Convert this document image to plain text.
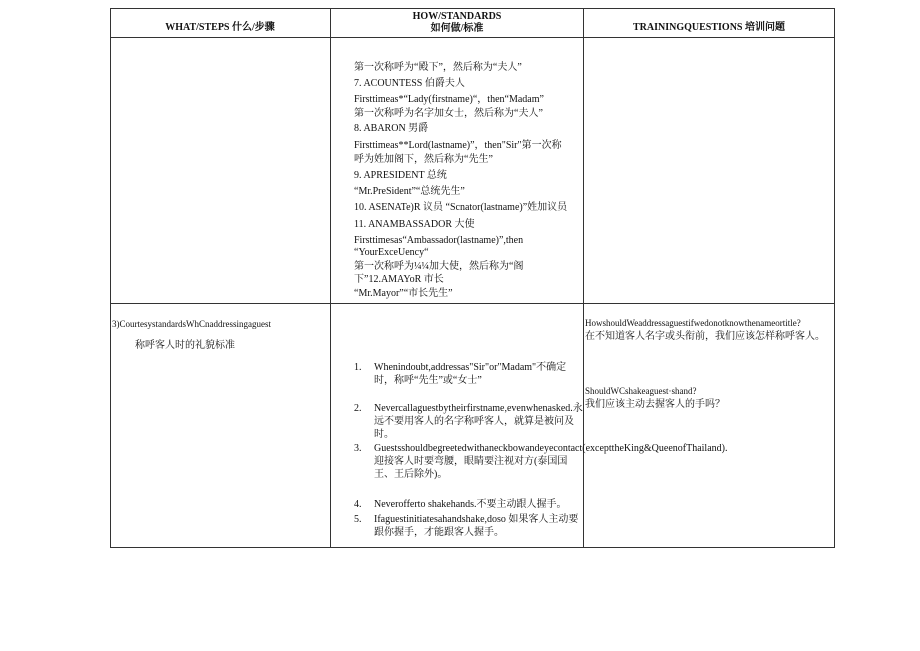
WHAT/STEPS 什么/步骤
HOW/STANDARDS
如何做/标准	TRAININGQUESTIONS 培训问题
第一次称呼为“殿下”，然后称为“夫人”
7. ACOUNTESS 伯爵夫人
Firsttimeas*“Lady(firstname)“，then“Madam”
第一次称呼为名字加女士，然后称为“夫人”
8. ABARON 男爵
Firsttimeas**Lord(lastname)”，then"Sir"第一次称
呼为姓加阁下，然后称为“先生”
9. APRESIDENT 总统
“Mr.PreSident”“总统先生”
10. ASENATe)R 议员 “Scnator(lastname)”姓加议员
11. ANAMBASSADOR 大使
Firsttimesas“Ambassador(lastname)”,then
“YourExceUency“
第一次称呼为¼¼加大使，然后称为“阁
下”12.AMAYoR 市长
“Mr.Mayor”“市长先生”
3)CourtesystandardsWhCnaddressingaguest
称呼客人时的礼貌标准
1. Whenindoubt,addressas"Sir"or"Madam"不确定时，称呼“先生”或“女士”
2. Nevercallaguestbytheirfirstname,evenwhenasked.永远不要用客人的名字称呼客人，就算是被问及时。
3. Guestsshouldbegreetedwithaneckbowandeyecontact(excepttheKing&QueenofThailand).迎接客人时要弯腰，眼睛要注视对方(泰国国王、王后除外)。
4. Neverofferto shakehands.不要主动跟人握手。
5. Ifaguestinitiatesahandshake,doso 如果客人主动要跟你握手，才能跟客人握手。
HowshouldWeaddressaguestifwedonotknowthenameortitle?
在不知道客人名字或头衔前，我们应该怎样称呼客人。
ShouldWCshakeaguest·shand?
我们应该主动去握客人的手吗？
